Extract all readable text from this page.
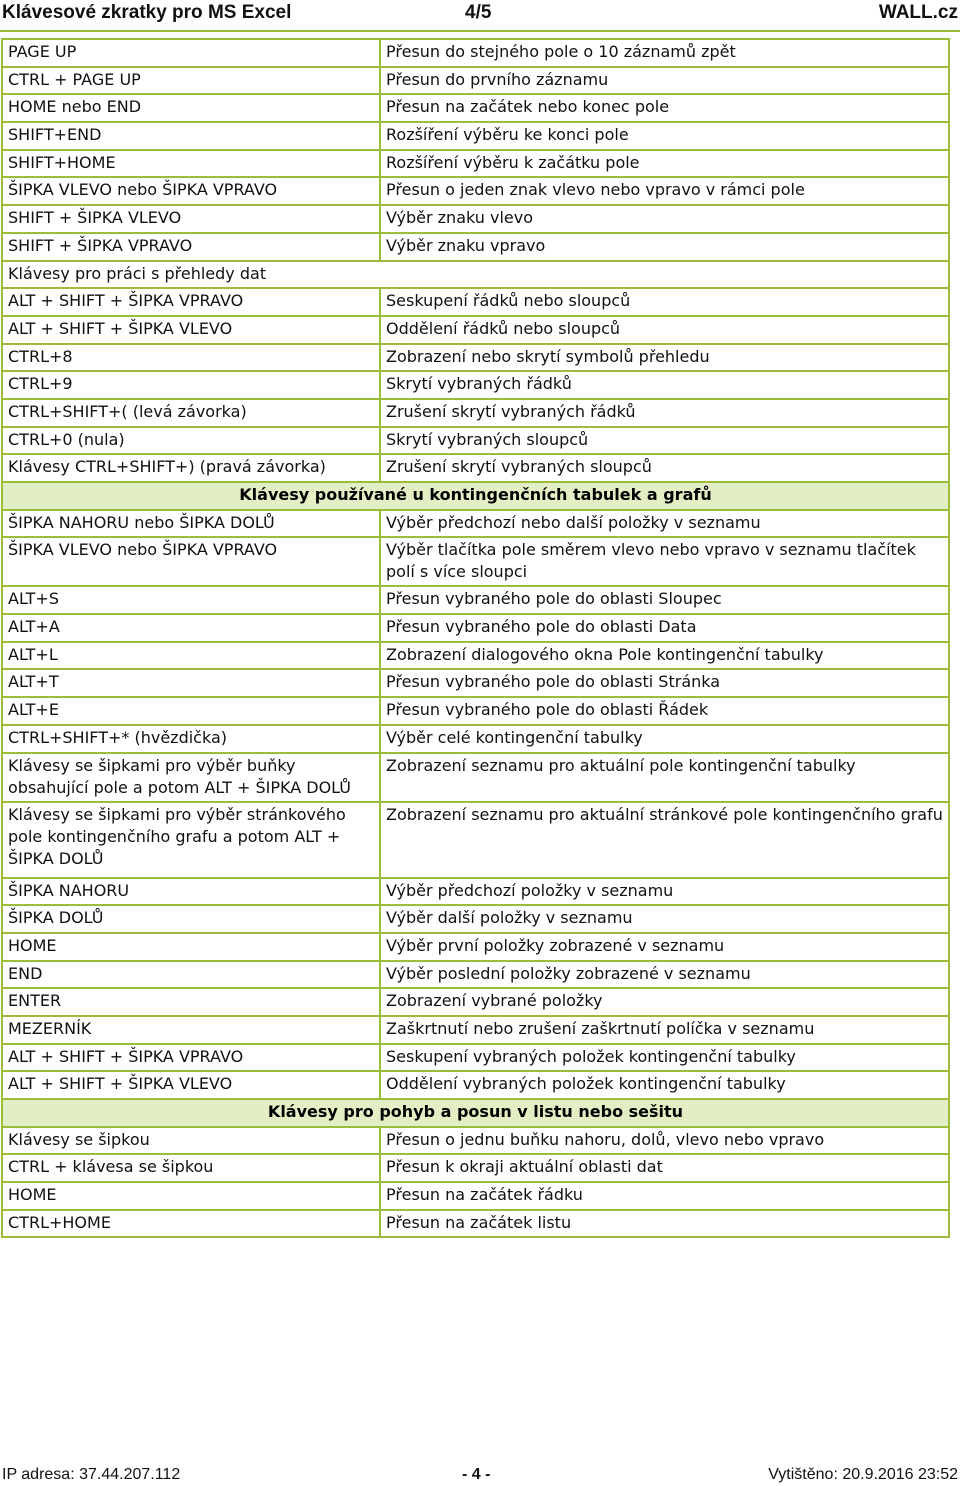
Klávesové zkratky pro MS Excel	4/5	WALL.cz
PAGE UP	Přesun do stejného pole o 10 záznamů zpět
CTRL + PAGE UP	Přesun do prvního záznamu
HOME nebo END	Přesun na začátek nebo konec pole
SHIFT+END	Rozšíření výběru ke konci pole
SHIFT+HOME	Rozšíření výběru k začátku pole
ŠIPKA VLEVO nebo ŠIPKA VPRAVO	Přesun o jeden znak vlevo nebo vpravo v rámci pole
SHIFT + ŠIPKA VLEVO	Výběr znaku vlevo
SHIFT + ŠIPKA VPRAVO	Výběr znaku vpravo
Klávesy pro práci s přehledy dat	
ALT + SHIFT + ŠIPKA VPRAVO	Seskupení řádků nebo sloupců
ALT + SHIFT + ŠIPKA VLEVO	Oddělení řádků nebo sloupců
CTRL+8	Zobrazení nebo skrytí symbolů přehledu
CTRL+9	Skrytí vybraných řádků
CTRL+SHIFT+( (levá závorka)	Zrušení skrytí vybraných řádků
CTRL+0 (nula)	Skrytí vybraných sloupců
Klávesy CTRL+SHIFT+) (pravá závorka)	Zrušení skrytí vybraných sloupců
Klávesy používané u kontingenčních tabulek a grafů	
ŠIPKA NAHORU nebo ŠIPKA DOLŮ	Výběr předchozí nebo další položky v seznamu
ŠIPKA VLEVO nebo ŠIPKA VPRAVO	Výběr tlačítka pole směrem vlevo nebo vpravo v seznamu tlačítek polí s více sloupci
ALT+S	Přesun vybraného pole do oblasti Sloupec
ALT+A	Přesun vybraného pole do oblasti Data
ALT+L	Zobrazení dialogového okna Pole kontingenční tabulky
ALT+T	Přesun vybraného pole do oblasti Stránka
ALT+E	Přesun vybraného pole do oblasti Řádek
CTRL+SHIFT+* (hvězdička)	Výběr celé kontingenční tabulky
Klávesy se šipkami pro výběr buňky obsahující pole a potom ALT + ŠIPKA DOLŮ	Zobrazení seznamu pro aktuální pole kontingenční tabulky
Klávesy se šipkami pro výběr stránkového pole kontingenčního grafu a potom ALT + ŠIPKA DOLŮ	Zobrazení seznamu pro aktuální stránkové pole kontingenčního grafu
ŠIPKA NAHORU	Výběr předchozí položky v seznamu
ŠIPKA DOLŮ	Výběr další položky v seznamu
HOME	Výběr první položky zobrazené v seznamu
END	Výběr poslední položky zobrazené v seznamu
ENTER	Zobrazení vybrané položky
MEZERNÍK	Zaškrtnutí nebo zrušení zaškrtnutí políčka v seznamu
ALT + SHIFT + ŠIPKA VPRAVO	Seskupení vybraných položek kontingenční tabulky
ALT + SHIFT + ŠIPKA VLEVO	Oddělení vybraných položek kontingenční tabulky
Klávesy pro pohyb a posun v listu nebo sešitu	
Klávesy se šipkou	Přesun o jednu buňku nahoru, dolů, vlevo nebo vpravo
CTRL + klávesa se šipkou	Přesun k okraji aktuální oblasti dat
HOME	Přesun na začátek řádku
CTRL+HOME	Přesun na začátek listu
IP adresa: 37.44.207.112	- 4 -	Vytištěno: 20.9.2016 23:52
